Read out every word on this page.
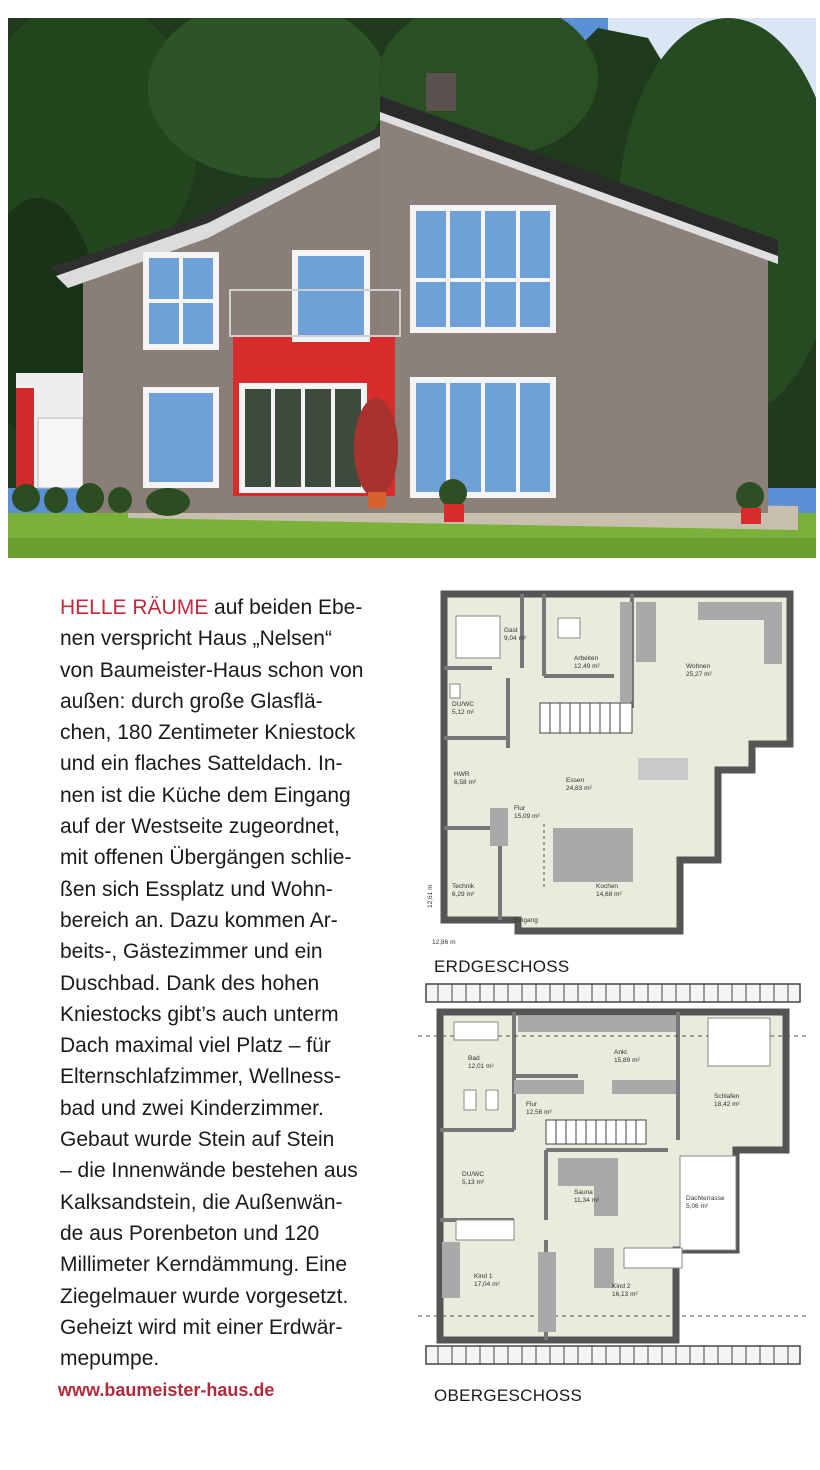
HELLE RÄUME auf beiden Ebe-
nen verspricht Haus „Nelsen“
von Baumeister-Haus schon von
außen: durch große Glasflä-
chen, 180 Zentimeter Kniestock
und ein flaches Satteldach. In-
nen ist die Küche dem Eingang
auf der Westseite zugeordnet,
mit offenen Übergängen schlie-
ßen sich Essplatz und Wohn-
bereich an. Dazu kommen Ar-
beits-, Gästezimmer und ein
Duschbad. Dank des hohen
Kniestocks gibt’s auch unterm
Dach maximal viel Platz – für
Elternschlafzimmer, Wellness-
bad und zwei Kinderzimmer.
Gebaut wurde Stein auf Stein
– die Innenwände bestehen aus
Kalksandstein, die Außenwän-
de aus Porenbeton und 120
Millimeter Kerndämmung. Eine
Ziegelmauer wurde vorgesetzt.
Geheizt wird mit einer Erdwär-
mepumpe.
www.baumeister-haus.de
Gast
9,04 m²
Arbeiten
12,49 m²	Wohnen
25,27 m²
DU/WC
5,12 m²
HWR
6,58 m²	Essen
24,83 m²
Flur
15,09 m²
Technik
6,29 m²
Kochen
14,68 m²
Eingang
12,61 m
12,86 m
ERDGESCHOSS
Bad
12,01 m²
Ankl.
15,89 m²
Schlafen
18,42 m²
Flur
12,56 m²
DU/WC
5,13 m²
Sauna
11,34 m²	Dachterrasse
5,06 m²
Kind 1
17,04 m²	Kind 2
16,13 m²
OBERGESCHOSS
